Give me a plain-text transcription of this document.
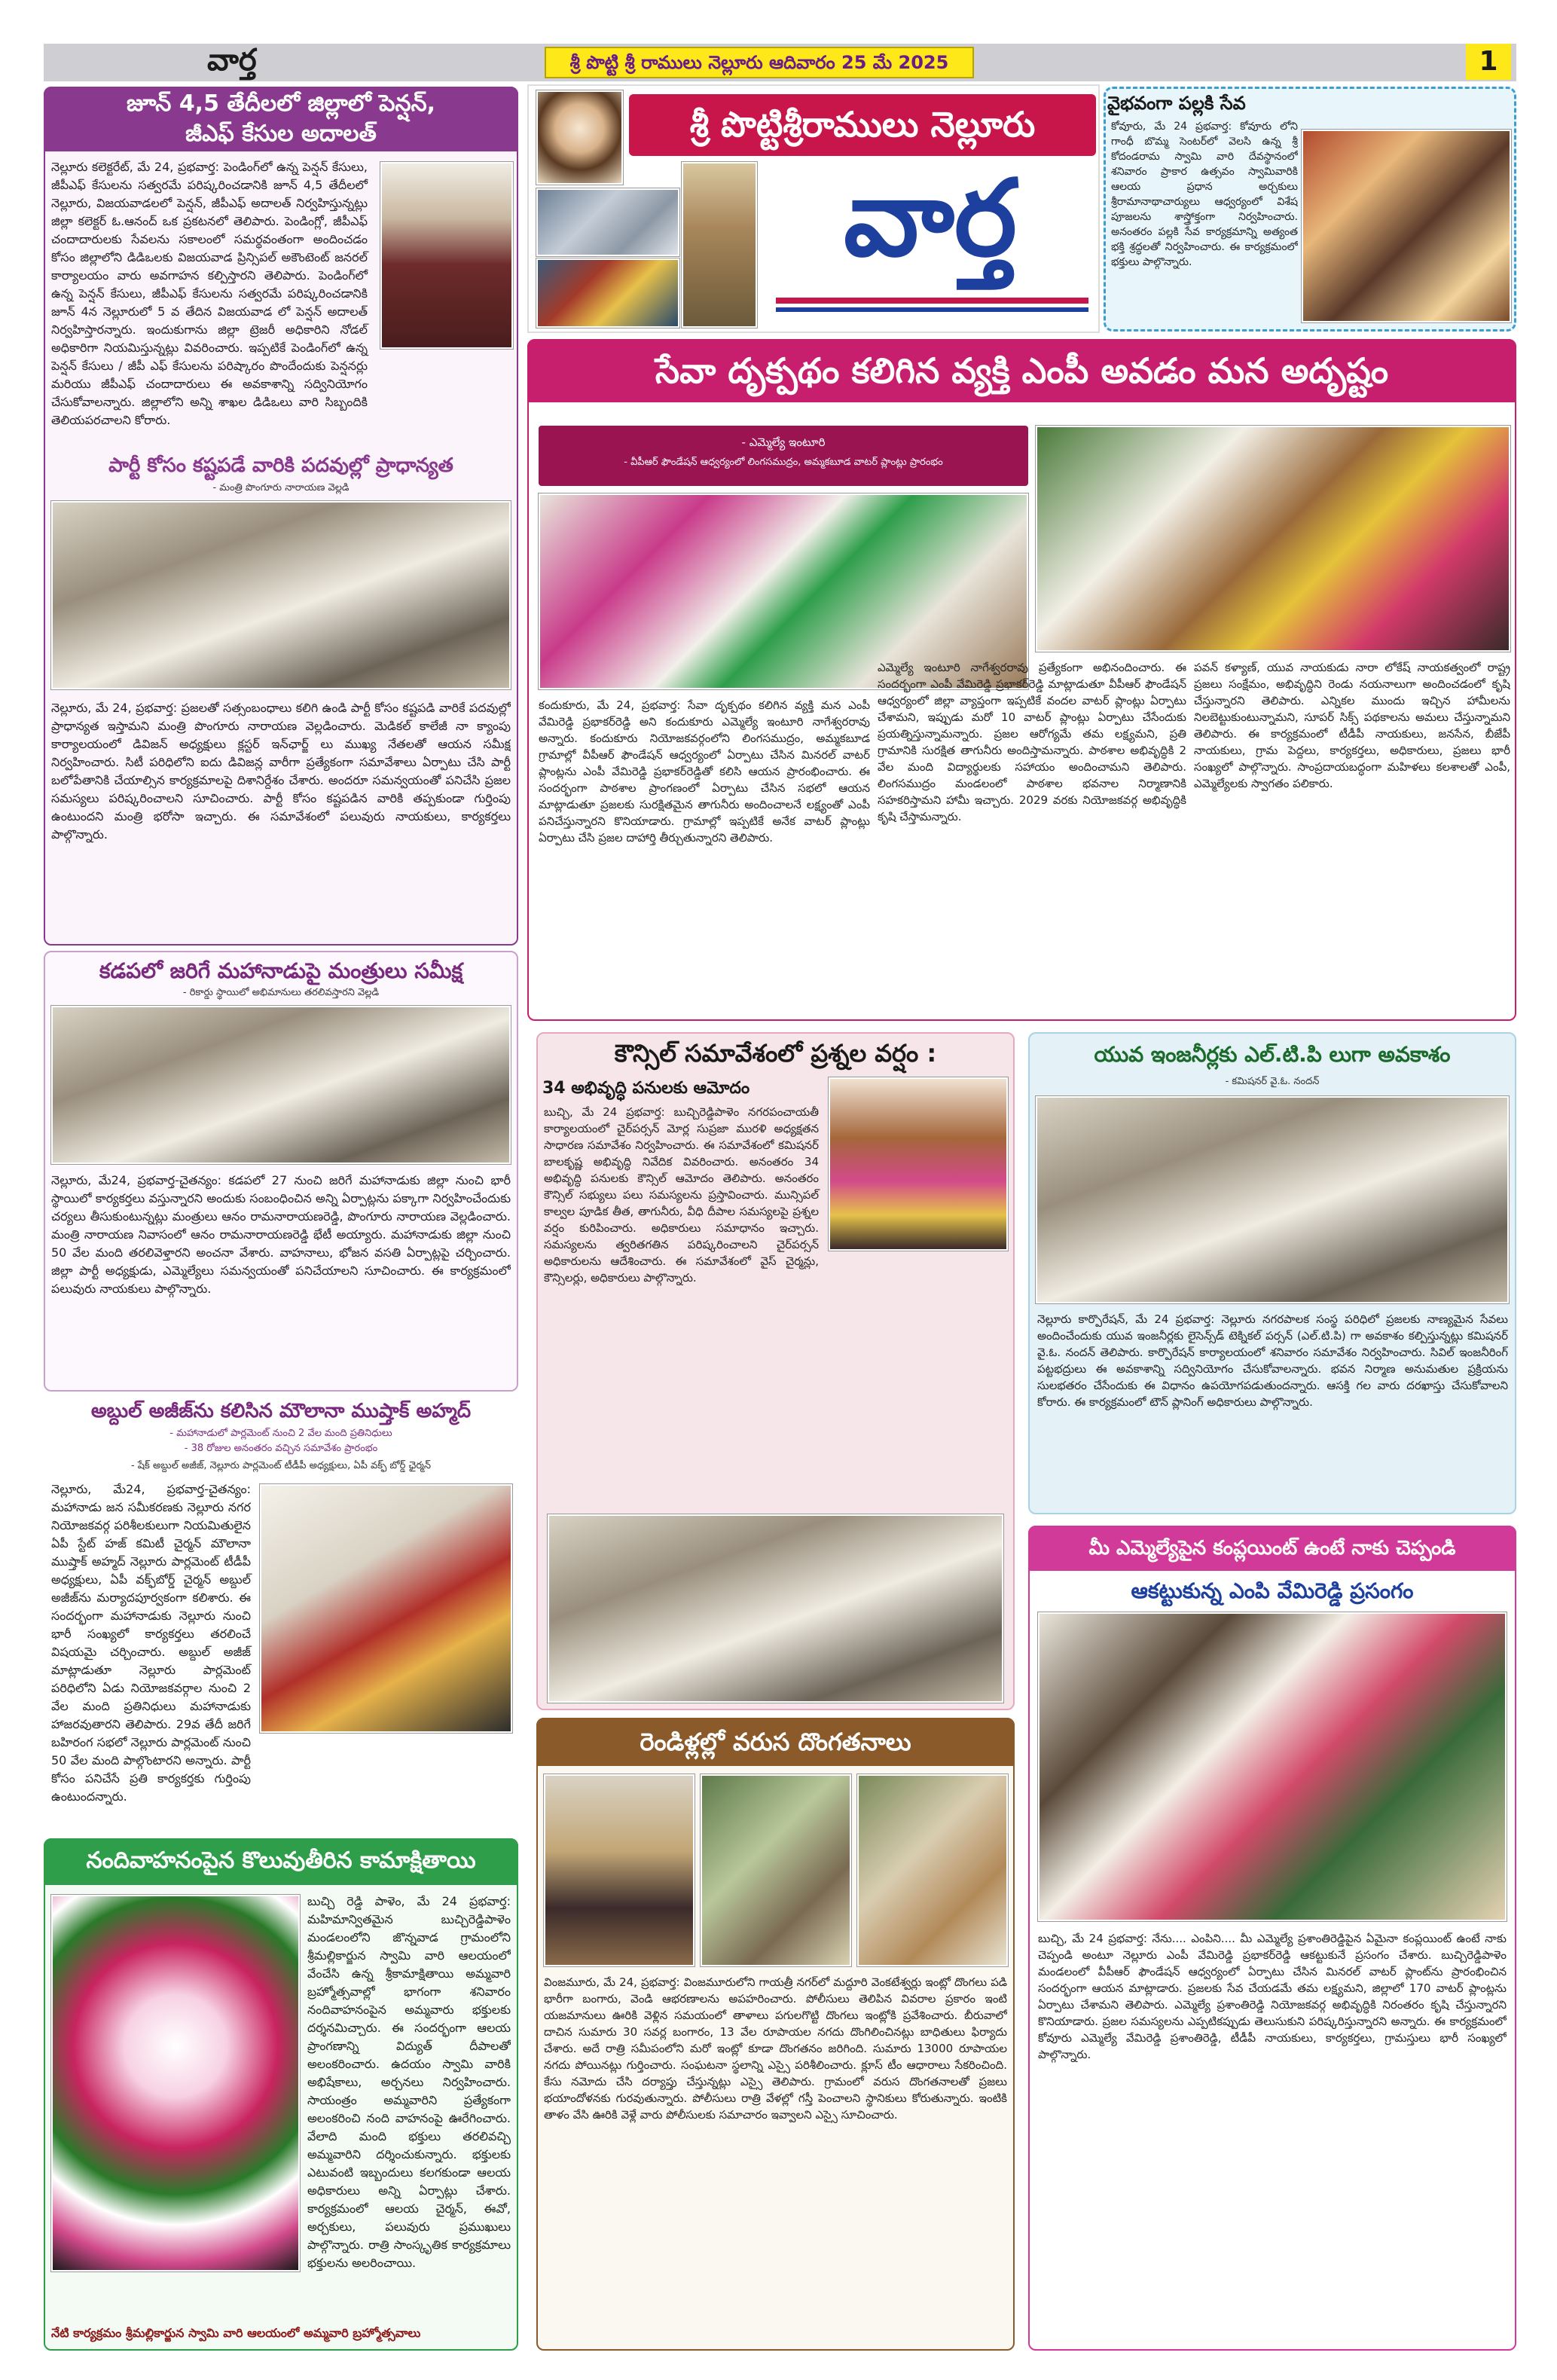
వార్త	శ్రీ పొట్టి శ్రీ రాములు నెల్లూరు ఆదివారం 25 మే 2025	1
జూన్ 4,5 తేదీలలో జిల్లాలో పెన్షన్,
జీఎఫ్ కేసుల అదాలత్
నెల్లూరు కలెక్టరేట్, మే 24, ప్రభవార్త: పెండింగ్‌లో ఉన్న పెన్షన్ కేసులు, జీపీఎఫ్ కేసులను సత్వరమే పరిష్కరించడానికి జూన్ 4,5 తేదీలలో నెల్లూరు, విజయవాడలలో పెన్షన్, జీపీఎఫ్ అదాలత్ నిర్వహిస్తున్నట్లు జిల్లా కలెక్టర్ ఓ.ఆనంద్ ఒక ప్రకటనలో తెలిపారు. పెండింగ్లో, జీపీఎఫ్ చందాదారులకు సేవలను సకాలంలో సమర్థవంతంగా అందించడం కోసం జిల్లాలోని డిడిఒలకు విజయవాడ ప్రిన్సిపల్ అకౌంటెంట్ జనరల్ కార్యాలయం వారు అవగాహన కల్పిస్తారని తెలిపారు. పెండింగ్‌లో ఉన్న పెన్షన్ కేసులు, జీపీఎఫ్ కేసులను సత్వరమే పరిష్కరించడానికి జూన్ 4న నెల్లూరులో 5 వ తేదిన విజయవాడ లో పెన్షన్ అదాలత్ నిర్వహిస్తారన్నారు. ఇందుకుగాను జిల్లా ట్రెజరీ అధికారిని నోడల్ అధికారిగా నియమిస్తున్నట్లు వివరించారు. ఇప్పటికే పెండింగ్‌లో ఉన్న పెన్షన్ కేసులు / జీపీ ఎఫ్ కేసులను పరిష్కారం పొందేందుకు పెన్షనర్లు మరియు జీపీఎఫ్ చందాదారులు ఈ అవకాశాన్ని సద్వినియోగం చేసుకోవాలన్నారు. జిల్లాలోని అన్ని శాఖల డిడిఒలు వారి సిబ్బందికి తెలియపరచాలని కోరారు.
పార్టీ కోసం కష్టపడే వారికి పదవుల్లో ప్రాధాన్యత
- మంత్రి పొంగూరు నారాయణ వెల్లడి
నెల్లూరు, మే 24, ప్రభవార్త: ప్రజలతో సత్సంబంధాలు కలిగి ఉండి పార్టీ కోసం కష్టపడి వారికే పదవుల్లో ప్రాధాన్యత ఇస్తామని మంత్రి పొంగూరు నారాయణ వెల్లడించారు. మెడికల్ కాలేజీ నా క్యాంపు కార్యాలయంలో డివిజన్ అధ్యక్షులు క్లస్టర్ ఇన్‌ఛార్జ్ లు ముఖ్య నేతలతో ఆయన సమీక్ష నిర్వహించారు. సిటీ పరిధిలోని ఐదు డివిజన్ల వారీగా ప్రత్యేకంగా సమావేశాలు ఏర్పాటు చేసి పార్టీ బలోపేతానికి చేయాల్సిన కార్యక్రమాలపై దిశానిర్దేశం చేశారు. అందరూ సమన్వయంతో పనిచేసి ప్రజల సమస్యలు పరిష్కరించాలని సూచించారు. పార్టీ కోసం కష్టపడిన వారికి తప్పకుండా గుర్తింపు ఉంటుందని మంత్రి భరోసా ఇచ్చారు. ఈ సమావేశంలో పలువురు నాయకులు, కార్యకర్తలు పాల్గొన్నారు.
కడపలో జరిగే మహానాడుపై మంత్రులు సమీక్ష
- రికార్డు స్థాయిలో అభిమానులు తరలివస్తారని వెల్లడి
నెల్లూరు, మే24, ప్రభవార్త-చైతన్యం: కడపలో 27 నుంచి జరిగే మహానాడుకు జిల్లా నుంచి భారీ స్థాయిలో కార్యకర్తలు వస్తున్నారని అందుకు సంబంధించిన అన్ని ఏర్పాట్లను పక్కాగా నిర్వహించేందుకు చర్యలు తీసుకుంటున్నట్లు మంత్రులు ఆనం రామనారాయణరెడ్డి, పొంగూరు నారాయణ వెల్లడించారు. మంత్రి నారాయణ నివాసంలో ఆనం రామనారాయణరెడ్డి భేటీ అయ్యారు. మహానాడుకు జిల్లా నుంచి 50 వేల మంది తరలివెళ్తారని అంచనా వేశారు. వాహనాలు, భోజన వసతి ఏర్పాట్లపై చర్చించారు. జిల్లా పార్టీ అధ్యక్షుడు, ఎమ్మెల్యేలు సమన్వయంతో పనిచేయాలని సూచించారు. ఈ కార్యక్రమంలో పలువురు నాయకులు పాల్గొన్నారు.
అబ్దుల్ అజీజ్‌ను కలిసిన మౌలానా ముష్తాక్ అహ్మద్
- మహానాడులో పార్లమెంట్ నుంచి 2 వేల మంది ప్రతినిధులు
- 38 రోజుల అనంతరం వచ్చిన సమావేశం ప్రారంభం
- షేక్ అబ్దుల్ అజీజ్, నెల్లూరు పార్లమెంట్ టీడీపీ అధ్యక్షులు, ఏపీ వక్ఫ్ బోర్డ్ ఛైర్మన్
నెల్లూరు, మే24, ప్రభవార్త-చైతన్యం: మహానాడు జన సమీకరణకు నెల్లూరు నగర నియోజకవర్గ పరిశీలకులుగా నియమితులైన ఏపీ స్టేట్ హజ్ కమిటీ చైర్మన్ మౌలానా ముష్తాక్ అహ్మద్ నెల్లూరు పార్లమెంట్ టీడీపీ అధ్యక్షులు, ఏపీ వక్ఫ్‌బోర్డ్ చైర్మన్ అబ్దుల్ అజీజ్‌ను మర్యాదపూర్వకంగా కలిశారు. ఈ సందర్భంగా మహానాడుకు నెల్లూరు నుంచి భారీ సంఖ్యలో కార్యకర్తలు తరలించే విషయమై చర్చించారు. అబ్దుల్ అజీజ్ మాట్లాడుతూ నెల్లూరు పార్లమెంట్ పరిధిలోని ఏడు నియోజకవర్గాల నుంచి 2 వేల మంది ప్రతినిధులు మహానాడుకు హాజరవుతారని తెలిపారు. 29వ తేదీ జరిగే బహిరంగ సభలో నెల్లూరు పార్లమెంట్ నుంచి 50 వేల మంది పాల్గొంటారని అన్నారు. పార్టీ కోసం పనిచేసే ప్రతి కార్యకర్తకు గుర్తింపు ఉంటుందన్నారు.
నందివాహనంపైన కొలువుతీరిన కామాక్షితాయి
బుచ్చి రెడ్డి పాళెం, మే 24 ప్రభవార్త: మహిమాన్వితమైన బుచ్చిరెడ్డిపాళెం మండలంలోని జొన్నవాడ గ్రామంలోని శ్రీమల్లికార్జున స్వామి వారి ఆలయంలో వేంచేసి ఉన్న శ్రీకామాక్షితాయి అమ్మవారి బ్రహ్మోత్సవాల్లో భాగంగా శనివారం నందివాహనంపైన అమ్మవారు భక్తులకు దర్శనమిచ్చారు. ఈ సందర్భంగా ఆలయ ప్రాంగణాన్ని విద్యుత్ దీపాలతో అలంకరించారు. ఉదయం స్వామి వారికి అభిషేకాలు, అర్చనలు నిర్వహించారు. సాయంత్రం అమ్మవారిని ప్రత్యేకంగా అలంకరించి నంది వాహనంపై ఊరేగించారు. వేలాది మంది భక్తులు తరలివచ్చి అమ్మవారిని దర్శించుకున్నారు. భక్తులకు ఎటువంటి ఇబ్బందులు కలగకుండా ఆలయ అధికారులు అన్ని ఏర్పాట్లు చేశారు. కార్యక్రమంలో ఆలయ చైర్మన్, ఈవో, అర్చకులు, పలువురు ప్రముఖులు పాల్గొన్నారు. రాత్రి సాంస్కృతిక కార్యక్రమాలు భక్తులను అలరించాయి.
నేటి కార్యక్రమం శ్రీమల్లికార్జున స్వామి వారి ఆలయంలో అమ్మవారి బ్రహ్మోత్సవాలు
శ్రీ పొట్టిశ్రీరాములు నెల్లూరు
వార్త
వైభవంగా పల్లకి సేవ
కోవూరు, మే 24 ప్రభవార్త: కోవూరు లోని గాంధీ బొమ్మ సెంటర్‌లో వెలసి ఉన్న శ్రీ కోదండరామ స్వామి వారి దేవస్థానంలో శనివారం ప్రాకార ఉత్సవం స్వామివారికి ఆలయ ప్రధాన అర్చకులు శ్రీరామానాథాచార్యులు ఆధ్వర్యంలో విశేష పూజలను శాస్త్రోక్తంగా నిర్వహించారు. అనంతరం పల్లకి సేవ కార్యక్రమాన్ని అత్యంత భక్తి శ్రద్ధలతో నిర్వహించారు. ఈ కార్యక్రమంలో భక్తులు పాల్గొన్నారు.
సేవా దృక్పథం కలిగిన వ్యక్తి ఎంపీ అవడం మన అదృష్టం
- ఎమ్మెల్యే ఇంటూరి
- వీపీఆర్ ఫౌండేషన్ ఆధ్వర్యంలో లింగసముద్రం, అమ్మకబూడ వాటర్ ప్లాంట్లు ప్రారంభం
కందుకూరు, మే 24, ప్రభవార్త: సేవా దృక్పథం కలిగిన వ్యక్తి మన ఎంపీ వేమిరెడ్డి ప్రభాకర్‌రెడ్డి అని కందుకూరు ఎమ్మెల్యే ఇంటూరి నాగేశ్వరరావు అన్నారు. కందుకూరు నియోజకవర్గంలోని లింగసముద్రం, అమ్మకబూడ గ్రామాల్లో వీపీఆర్ ఫౌండేషన్ ఆధ్వర్యంలో ఏర్పాటు చేసిన మినరల్ వాటర్ ప్లాంట్లను ఎంపీ వేమిరెడ్డి ప్రభాకర్‌రెడ్డితో కలిసి ఆయన ప్రారంభించారు. ఈ సందర్భంగా పాఠశాల ప్రాంగణంలో ఏర్పాటు చేసిన సభలో ఆయన మాట్లాడుతూ ప్రజలకు సురక్షితమైన తాగునీరు అందించాలనే లక్ష్యంతో ఎంపీ పనిచేస్తున్నారని కొనియాడారు. గ్రామాల్లో ఇప్పటికే అనేక వాటర్ ప్లాంట్లు ఏర్పాటు చేసి ప్రజల దాహార్తి తీర్చుతున్నారని తెలిపారు.
ఎమ్మెల్యే ఇంటూరి నాగేశ్వరరావు ప్రత్యేకంగా అభినందించారు. ఈ సందర్భంగా ఎంపీ వేమిరెడ్డి ప్రభాకర్‌రెడ్డి మాట్లాడుతూ వీపీఆర్ ఫౌండేషన్ ఆధ్వర్యంలో జిల్లా వ్యాప్తంగా ఇప్పటికే వందల వాటర్ ప్లాంట్లు ఏర్పాటు చేశామని, ఇప్పుడు మరో 10 వాటర్ ప్లాంట్లు ఏర్పాటు చేసేందుకు ప్రయత్నిస్తున్నామన్నారు. ప్రజల ఆరోగ్యమే తమ లక్ష్యమని, ప్రతి గ్రామానికి సురక్షిత తాగునీరు అందిస్తామన్నారు. పాఠశాల అభివృద్ధికి 2 వేల మంది విద్యార్థులకు సహాయం అందించామని తెలిపారు. లింగసముద్రం మండలంలో పాఠశాల భవనాల నిర్మాణానికి సహకరిస్తామని హామీ ఇచ్చారు. 2029 వరకు నియోజకవర్గ అభివృద్ధికి కృషి చేస్తామన్నారు.
పవన్ కళ్యాణ్, యువ నాయకుడు నారా లోకేష్ నాయకత్వంలో రాష్ట్ర ప్రజలు సంక్షేమం, అభివృద్ధిని రెండు నయనాలుగా అందించడంలో కృషి చేస్తున్నారని తెలిపారు. ఎన్నికల ముందు ఇచ్చిన హామీలను నిలబెట్టుకుంటున్నామని, సూపర్ సిక్స్ పథకాలను అమలు చేస్తున్నామని తెలిపారు. ఈ కార్యక్రమంలో టీడీపీ నాయకులు, జనసేన, బీజేపీ నాయకులు, గ్రామ పెద్దలు, కార్యకర్తలు, అధికారులు, ప్రజలు భారీ సంఖ్యలో పాల్గొన్నారు. సాంప్రదాయబద్ధంగా మహిళలు కలశాలతో ఎంపీ, ఎమ్మెల్యేలకు స్వాగతం పలికారు.
కౌన్సిల్ సమావేశంలో ప్రశ్నల వర్షం :
34 అభివృద్ధి పనులకు ఆమోదం
బుచ్చి, మే 24 ప్రభవార్త: బుచ్చిరెడ్డిపాళెం నగరపంచాయతీ కార్యాలయంలో చైర్‌పర్సన్ మోర్ల సుప్రజా మురళి అధ్యక్షతన సాధారణ సమావేశం నిర్వహించారు. ఈ సమావేశంలో కమిషనర్ బాలకృష్ణ అభివృద్ధి నివేదిక వివరించారు. అనంతరం 34 అభివృద్ధి పనులకు కౌన్సిల్ ఆమోదం తెలిపారు. అనంతరం కౌన్సిల్ సభ్యులు పలు సమస్యలను ప్రస్తావించారు. మున్సిపల్ కాల్వల పూడిక తీత, తాగునీరు, వీధి దీపాల సమస్యలపై ప్రశ్నల వర్షం కురిపించారు. అధికారులు సమాధానం ఇచ్చారు. సమస్యలను త్వరితగతిన పరిష్కరించాలని చైర్‌పర్సన్ అధికారులను ఆదేశించారు. ఈ సమావేశంలో వైస్ చైర్మన్లు, కౌన్సిలర్లు, అధికారులు పాల్గొన్నారు.
యువ ఇంజనీర్లకు ఎల్.టి.పి లుగా అవకాశం
- కమిషనర్ వై.ఓ. నందన్
నెల్లూరు కార్పొరేషన్, మే 24 ప్రభవార్త: నెల్లూరు నగరపాలక సంస్థ పరిధిలో ప్రజలకు నాణ్యమైన సేవలు అందించేందుకు యువ ఇంజనీర్లకు లైసెన్స్‌డ్ టెక్నికల్ పర్సన్ (ఎల్.టి.పి) గా అవకాశం కల్పిస్తున్నట్లు కమిషనర్ వై.ఓ. నందన్ తెలిపారు. కార్పొరేషన్ కార్యాలయంలో శనివారం సమావేశం నిర్వహించారు. సివిల్ ఇంజనీరింగ్ పట్టభద్రులు ఈ అవకాశాన్ని సద్వినియోగం చేసుకోవాలన్నారు. భవన నిర్మాణ అనుమతుల ప్రక్రియను సులభతరం చేసేందుకు ఈ విధానం ఉపయోగపడుతుందన్నారు. ఆసక్తి గల వారు దరఖాస్తు చేసుకోవాలని కోరారు. ఈ కార్యక్రమంలో టౌన్ ప్లానింగ్ అధికారులు పాల్గొన్నారు.
మీ ఎమ్మెల్యేపైన కంప్లయింట్ ఉంటే నాకు చెప్పండి
ఆకట్టుకున్న ఎంపి వేమిరెడ్డి ప్రసంగం
బుచ్చి, మే 24 ప్రభవార్త: నేను.... ఎంపిని.... మీ ఎమ్మెల్యే ప్రశాంతిరెడ్డిపైన ఏమైనా కంప్లయింట్ ఉంటే నాకు చెప్పండి అంటూ నెల్లూరు ఎంపీ వేమిరెడ్డి ప్రభాకర్‌రెడ్డి ఆకట్టుకునే ప్రసంగం చేశారు. బుచ్చిరెడ్డిపాళెం మండలంలో వీపీఆర్ ఫౌండేషన్ ఆధ్వర్యంలో ఏర్పాటు చేసిన మినరల్ వాటర్ ప్లాంట్‌ను ప్రారంభించిన సందర్భంగా ఆయన మాట్లాడారు. ప్రజలకు సేవ చేయడమే తమ లక్ష్యమని, జిల్లాలో 170 వాటర్ ప్లాంట్లను ఏర్పాటు చేశామని తెలిపారు. ఎమ్మెల్యే ప్రశాంతిరెడ్డి నియోజకవర్గ అభివృద్ధికి నిరంతరం కృషి చేస్తున్నారని కొనియాడారు. ప్రజల సమస్యలను ఎప్పటికప్పుడు తెలుసుకుని పరిష్కరిస్తున్నారని అన్నారు. ఈ కార్యక్రమంలో కోవూరు ఎమ్మెల్యే వేమిరెడ్డి ప్రశాంతిరెడ్డి, టీడీపీ నాయకులు, కార్యకర్తలు, గ్రామస్తులు భారీ సంఖ్యలో పాల్గొన్నారు.
రెండిళ్లల్లో వరుస దొంగతనాలు
వింజమూరు, మే 24, ప్రభవార్త: వింజమూరులోని గాయత్రీ నగర్‌లో మద్దూరి వెంకటేశ్వర్లు ఇంట్లో దొంగలు పడి భారీగా బంగారు, వెండి ఆభరణాలను అపహరించారు. పోలీసులు తెలిపిన వివరాల ప్రకారం ఇంటి యజమానులు ఊరికి వెళ్లిన సమయంలో తాళాలు పగులగొట్టి దొంగలు ఇంట్లోకి ప్రవేశించారు. బీరువాలో దాచిన సుమారు 30 సవర్ల బంగారం, 13 వేల రూపాయల నగదు దొంగిలించినట్లు బాధితులు ఫిర్యాదు చేశారు. అదే రాత్రి సమీపంలోని మరో ఇంట్లో కూడా దొంగతనం జరిగింది. సుమారు 13000 రూపాయల నగదు పోయినట్లు గుర్తించారు. సంఘటనా స్థలాన్ని ఎస్సై పరిశీలించారు. క్లూస్ టీం ఆధారాలు సేకరించింది. కేసు నమోదు చేసి దర్యాప్తు చేస్తున్నట్లు ఎస్సై తెలిపారు. గ్రామంలో వరుస దొంగతనాలతో ప్రజలు భయాందోళనకు గురవుతున్నారు. పోలీసులు రాత్రి వేళల్లో గస్తీ పెంచాలని స్థానికులు కోరుతున్నారు. ఇంటికి తాళం వేసి ఊరికి వెళ్లే వారు పోలీసులకు సమాచారం ఇవ్వాలని ఎస్సై సూచించారు.
